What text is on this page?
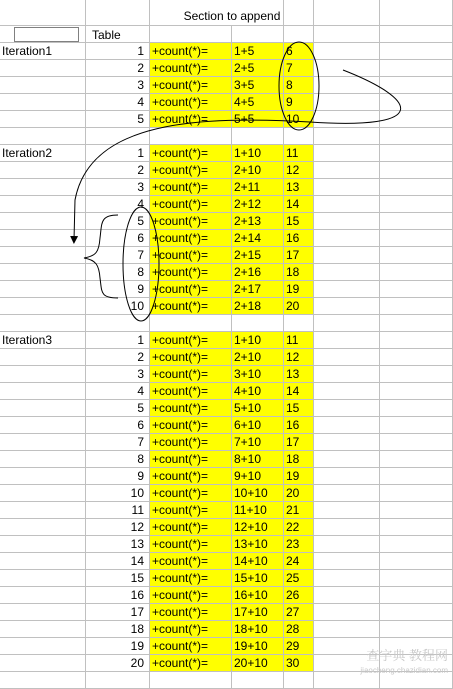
Section to append
Table
Iteration1	1 +count(*)=	1+5	6
2 +count(*)=	2+5	7
3 +count(*)=	3+5	8
4 +count(*)=	4+5	9
5 +count(*)=	5+5	10
Iteration2	1 +count(*)=	1+10	11
2 +count(*)=	2+10	12
3 +count(*)=	2+11	13
4 +count(*)=	2+12	14
5 +count(*)=	2+13	15
6 +count(*)=	2+14	16
7 +count(*)=	2+15	17
8 +count(*)=	2+16	18
9 +count(*)=	2+17	19
10 +count(*)=	2+18	20
Iteration3	1 +count(*)=	1+10	11
2 +count(*)=	2+10	12
3 +count(*)=	3+10	13
4 +count(*)=	4+10	14
5 +count(*)=	5+10	15
6 +count(*)=	6+10	16
7 +count(*)=	7+10	17
8 +count(*)=	8+10	18
9 +count(*)=	9+10	19
10 +count(*)=	10+10	20
11 +count(*)=	11+10	21
12 +count(*)=	12+10	22
13 +count(*)=	13+10	23
14 +count(*)=	14+10	24
15 +count(*)=	15+10	25
16 +count(*)=	16+10	26
17 +count(*)=	17+10	27
18 +count(*)=	18+10	28
19 +count(*)=	19+10	29
20 +count(*)=	20+10	30	查字典 教程网
jiaocheng.chazidian.com
